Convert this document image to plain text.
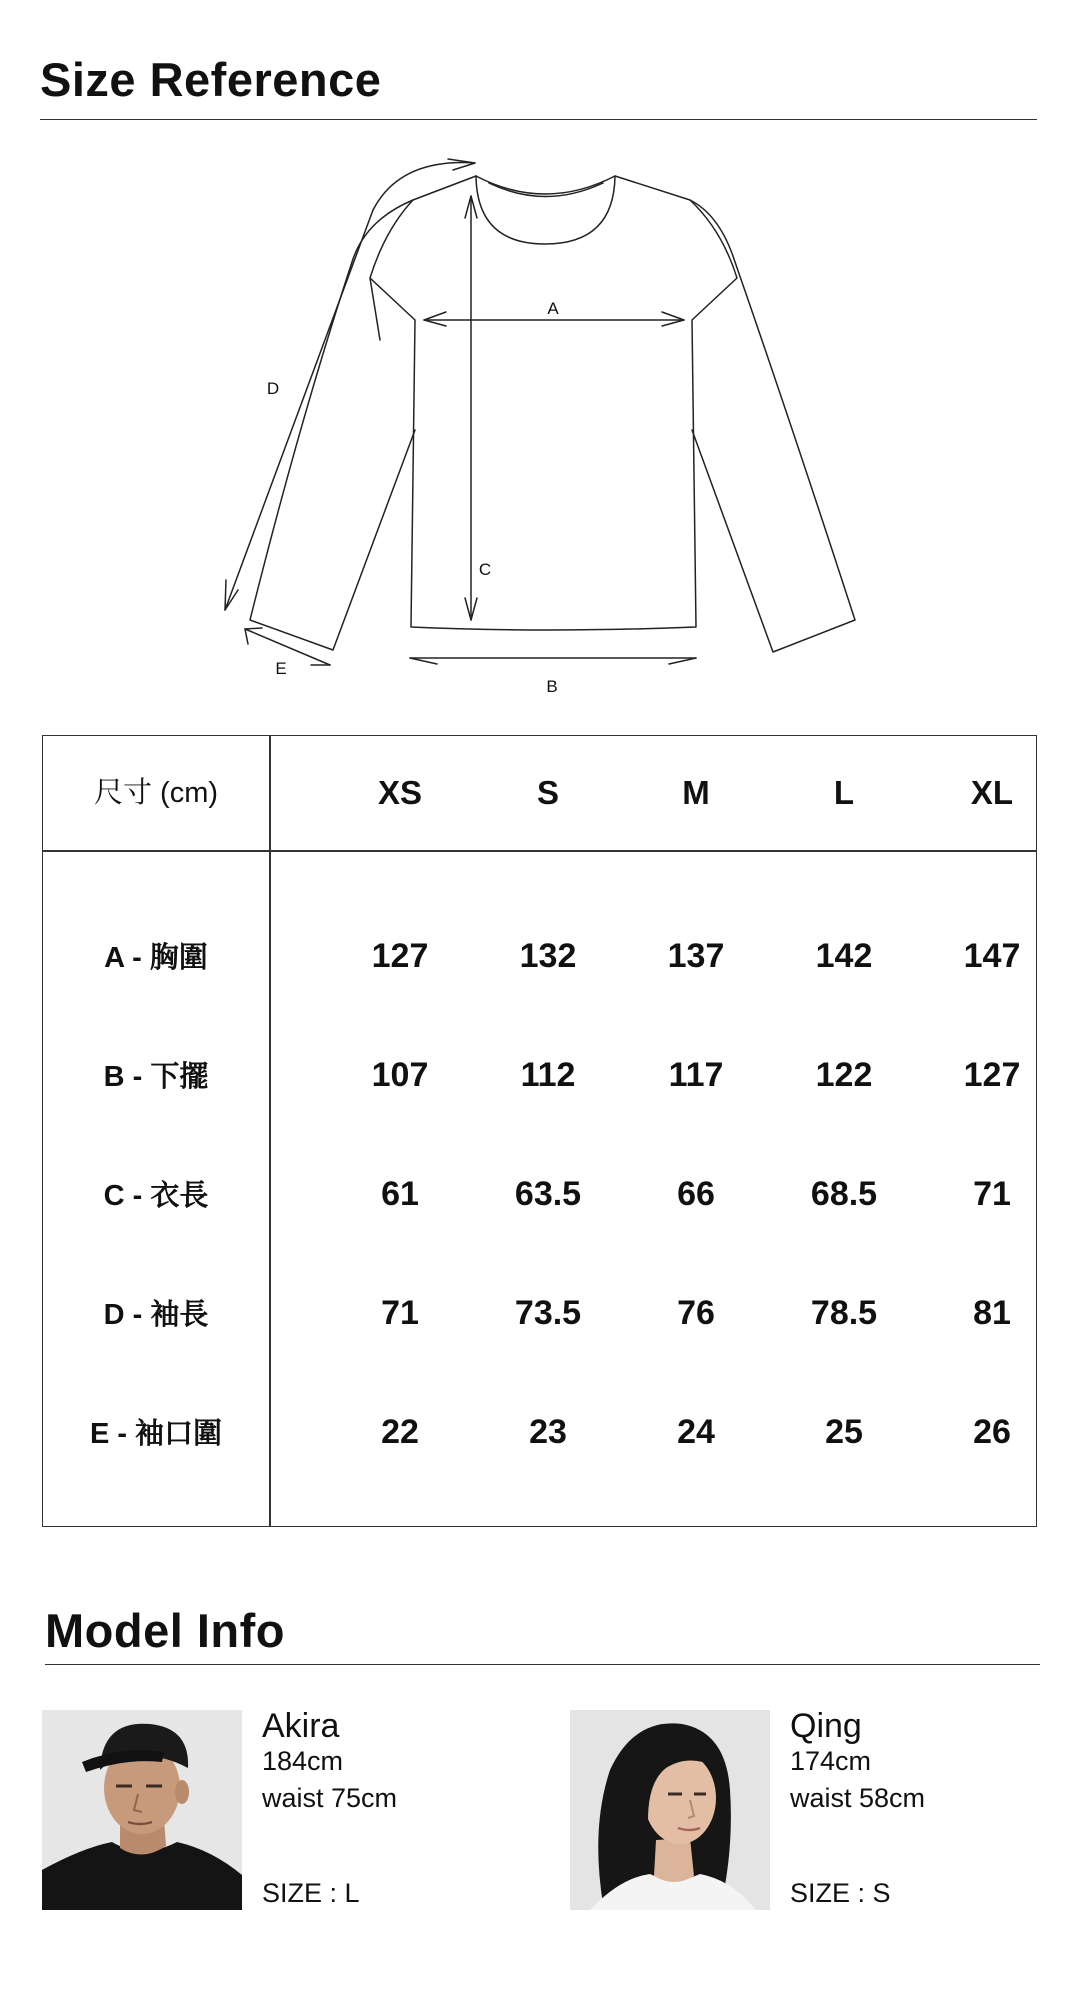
Size Reference
A
B
C
D
E
尺寸 (cm)	XS	S	M	L	XL
A - 胸圍	127	132	137	142	147
B - 下擺	107	112	117	122	127
C - 衣長	61	63.5	66	68.5	71
D - 袖長	71	73.5	76	78.5	81
E - 袖口圍	22	23	24	25	26
Model Info
Akira
184cm
waist 75cm
SIZE : L
Qing
174cm
waist 58cm
SIZE : S
